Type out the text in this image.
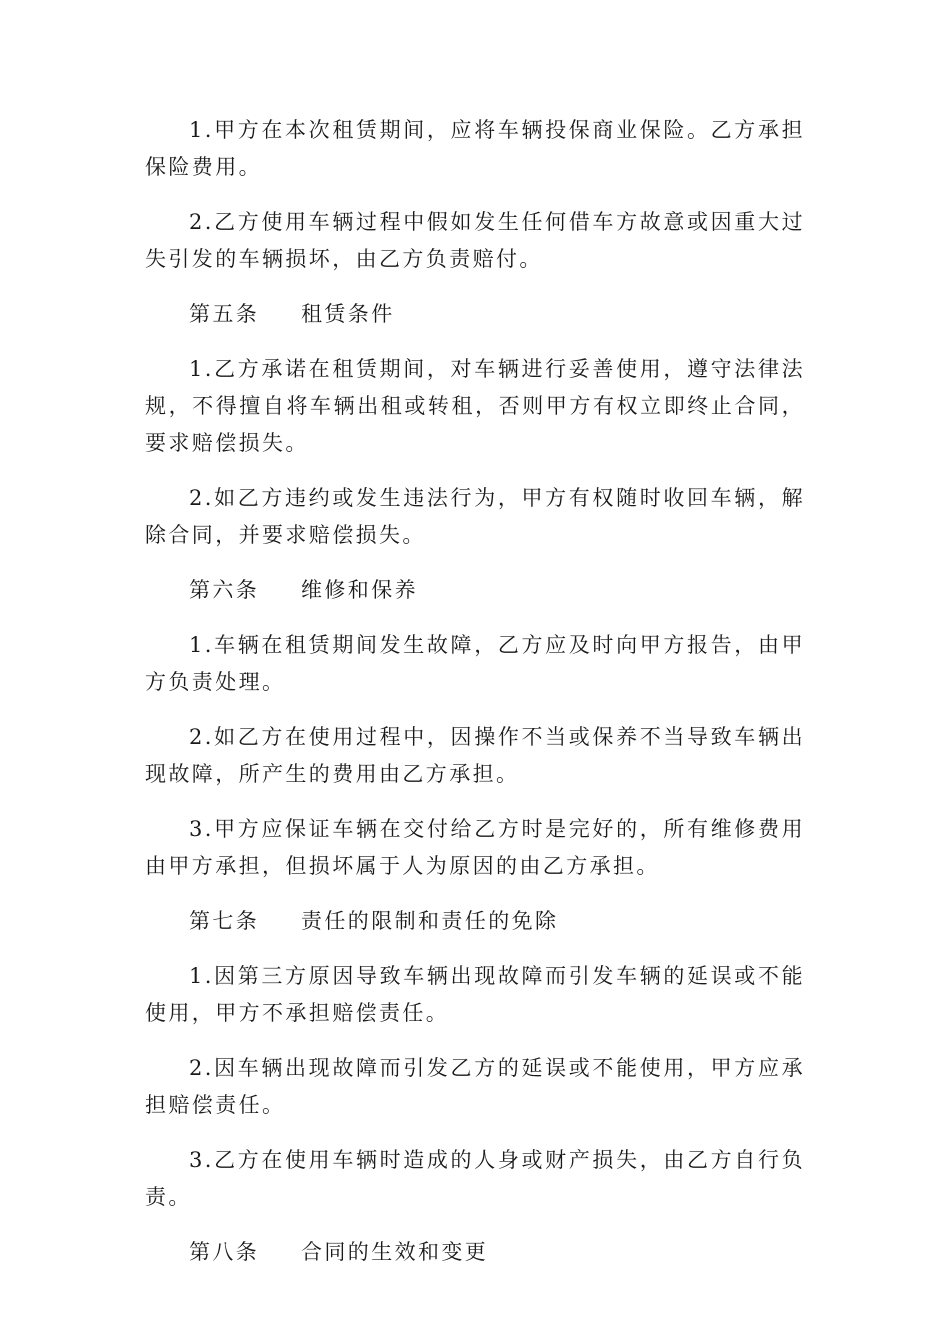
1.甲方在本次租赁期间，应将车辆投保商业保险。乙方承担保险费用。

2.乙方使用车辆过程中假如发生任何借车方故意或因重大过失引发的车辆损坏，由乙方负责赔付。

第五条 租赁条件

1.乙方承诺在租赁期间，对车辆进行妥善使用，遵守法律法规，不得擅自将车辆出租或转租，否则甲方有权立即终止合同，要求赔偿损失。

2.如乙方违约或发生违法行为，甲方有权随时收回车辆，解除合同，并要求赔偿损失。

第六条 维修和保养

1.车辆在租赁期间发生故障，乙方应及时向甲方报告，由甲方负责处理。

2.如乙方在使用过程中，因操作不当或保养不当导致车辆出现故障，所产生的费用由乙方承担。

3.甲方应保证车辆在交付给乙方时是完好的，所有维修费用由甲方承担，但损坏属于人为原因的由乙方承担。

第七条 责任的限制和责任的免除

1.因第三方原因导致车辆出现故障而引发车辆的延误或不能使用，甲方不承担赔偿责任。

2.因车辆出现故障而引发乙方的延误或不能使用，甲方应承担赔偿责任。

3.乙方在使用车辆时造成的人身或财产损失，由乙方自行负责。

第八条 合同的生效和变更
